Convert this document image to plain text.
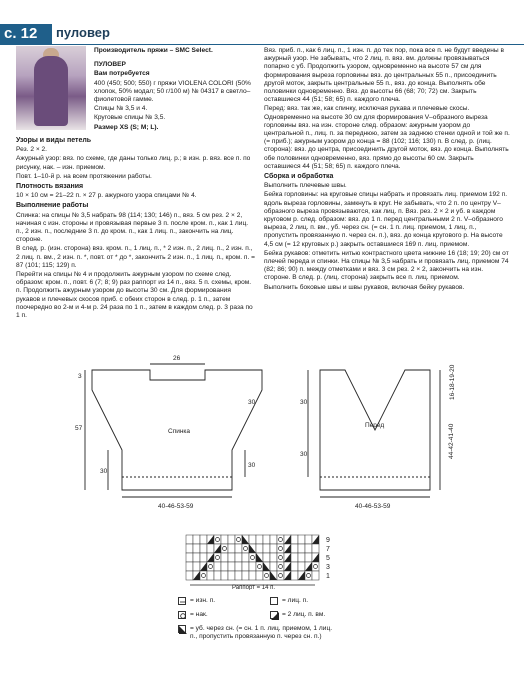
с. 12	пуловер

Производитель пряжи – SMC Select.

ПУЛОВЕР

Вам потребуется

400 (450; 500; 550) г пряжи VIOLENA COLORI (50% хлопок, 50% модал; 50 г/100 м) № 04317 в светло–фиолетовой гамме.

Спицы № 3,5 и 4.

Круговые спицы № 3,5.

Размер XS (S; M; L).

Узоры и виды петель

Рез. 2 × 2.

Ажурный узор: вяз. по схеме, где даны только лиц. р.; в изн. р. вяз. все п. по рисунку, нак. – изн. приемом.

Повт. 1–10-й р. на всем протяжении работы.

Плотность вязания

10 × 10 см = 21–22 п. × 27 р. ажурного узора спицами № 4.

Выполнение работы

Спинка: на спицы № 3,5 набрать 98 (114; 130; 146) п., вяз. 5 см рез. 2 × 2, начиная с изн. стороны и провязывая первые 3 п. после кром. п., как 1 лиц. п., 2 изн. п., последние 3 п. до кром. п., как 1 лиц. п., закончить на лиц. стороне.

В след. р. (изн. сторона) вяз. кром. п., 1 лиц. п., * 2 изн. п., 2 лиц. п., 2 изн. п., 2 лиц. п. вм., 2 изн. п. *, повт. от * до *, закончить 2 изн. п., 1 лиц. п., кром. п. = 87 (101; 115; 129) п.

Перейти на спицы № 4 и продолжить ажурным узором по схеме след. образом: кром. п., повт. 6 (7; 8; 9) раз раппорт из 14 п., вяз. 5 п. схемы, кром. п. Продолжить ажурным узором до высоты 30 см. Для формирования рукавов и плечевых скосов приб. с обеих сторон в след. р. 1 п., затем поочередно во 2-м и 4-м р. 24 раза по 1 п., затем в каждом след. р. 3 раза по 1 п.

Вяз. приб. п., как 6 лиц. п., 1 изн. п. до тех пор, пока все п. не будут введены в ажурный узор. Не забывать, что 2 лиц. п. вяз. вм. должны провязываться попарно с уб. Продолжить узором, одновременно на высоте 57 см для формирования выреза горловины вяз. до центральных 55 п., присоединить другой моток, закрыть центральные 55 п., вяз. до конца. Выполнять обе половинки одновременно. Вяз. до высоты 66 (68; 70; 72) см. Закрыть оставшиеся 44 (51; 58; 65) п. каждого плеча.

Перед: вяз. так же, как спинку, исключая рукава и плечевые скосы. Одновременно на высоте 30 см для формирования V–образного выреза горловины вяз. на изн. стороне след. образом: ажурным узором до центральной п., лиц. п. за переднюю, затем за заднюю стенки одной и той же п. (= приб.); ажурным узором до конца = 88 (102; 116; 130) п. В след. р. (лиц. сторона): вяз. до центра, присоединить другой моток, вяз. до конца. Выполнять обе половинки одновременно, вяз. прямо до высоты 60 см. Закрыть оставшиеся 44 (51; 58; 65) п. каждого плеча.

Сборка и обработка

Выполнить плечевые швы.

Бейка горловины: на круговые спицы набрать и провязать лиц. приемом 192 п. вдоль выреза горловины, замкнуть в круг. Не забывать, что 2 п. по центру V–образного выреза провязываются, как лиц. п. Вяз. рез. 2 × 2 и уб. в каждом круговом р. след. образом: вяз. до 1 п. перед центральными 2 п. V–образного выреза, 2 лиц. п. вм., уб. через сн. (= сн. 1 п. лиц. приемом, 1 лиц. п., пропустить провязанную п. через сн. п.), вяз. до конца кругового р. На высоте 4,5 см (= 12 круговых р.) закрыть оставшиеся 169 п. лиц. приемом.

Бейка рукавов: отметить нитью контрастного цвета нижние 16 (18; 19; 20) см от плечей переда и спинки. На спицы № 3,5 набрать и провязать лиц. приемом 74 (82; 86; 90) п. между отметками и вяз. 3 см рез. 2 × 2, закончить на изн. стороне. В след. р. (лиц. сторона) закрыть все п. лиц. приемом.

Выполнить боковые швы и швы рукавов, включая бейку рукавов.

26
3
57
30
30
30
Спинка
40-46-53-59
30
30
Перед
40-46-53-59
16-18-19-20
44-42-41-40
9
7
5
3
1
Раппорт = 14 п.
= изн. п.
= нак.
= лиц. п.
= 2 лиц. п. вм.
= уб. через сн. (= сн. 1 п. лиц. приемом, 1 лиц. п., пропустить провязанную п. через сн. п.)
